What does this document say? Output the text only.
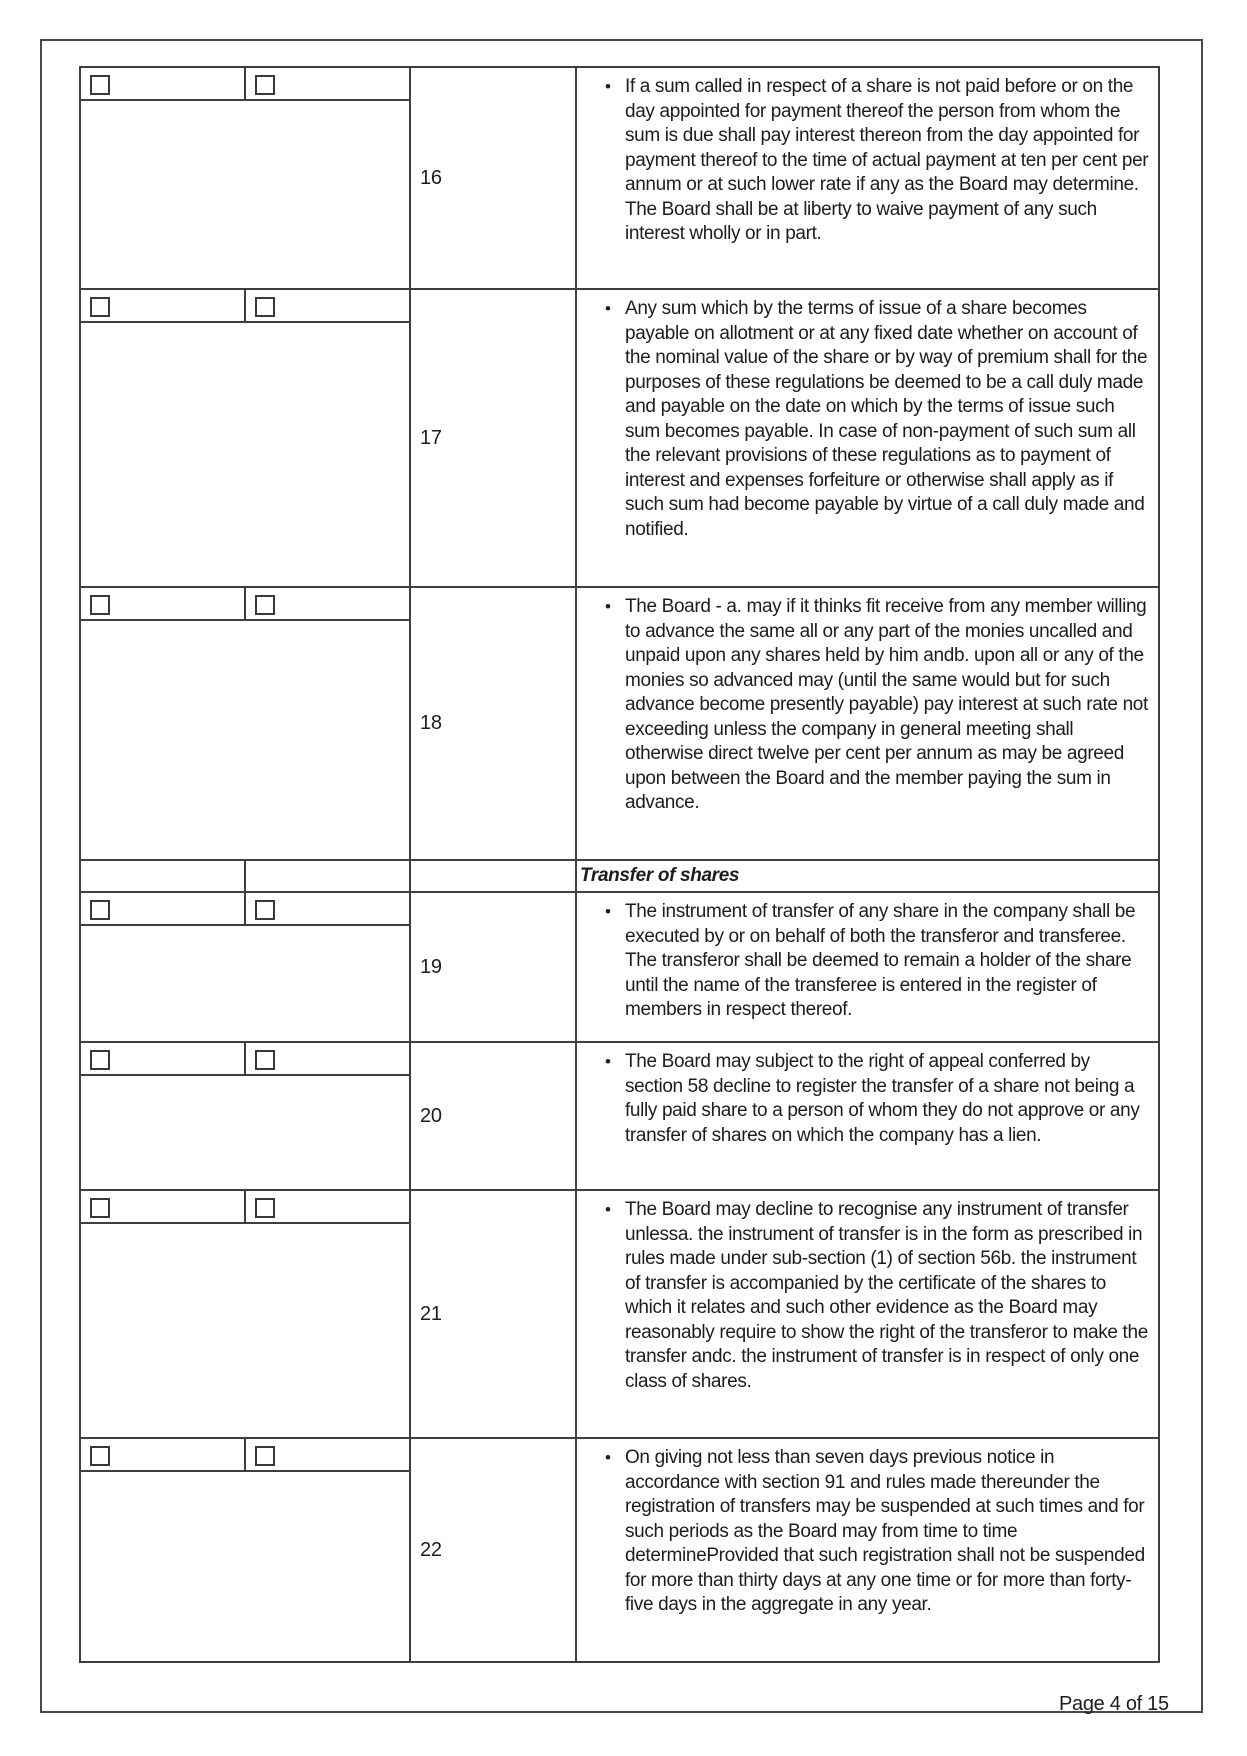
16
• If a sum called in respect of a share is not paid before or on the day appointed for payment thereof the person from whom the sum is due shall pay interest thereon from the day appointed for payment thereof to the time of actual payment at ten per cent per annum or at such lower rate if any as the Board may determine. The Board shall be at liberty to waive payment of any such interest wholly or in part.
17
• Any sum which by the terms of issue of a share becomes payable on allotment or at any fixed date whether on account of the nominal value of the share or by way of premium shall for the purposes of these regulations be deemed to be a call duly made and payable on the date on which by the terms of issue such sum becomes payable. In case of non-payment of such sum all the relevant provisions of these regulations as to payment of interest and expenses forfeiture or otherwise shall apply as if such sum had become payable by virtue of a call duly made and notified.
18
• The Board - a. may if it thinks fit receive from any member willing to advance the same all or any part of the monies uncalled and unpaid upon any shares held by him andb. upon all or any of the monies so advanced may (until the same would but for such advance become presently payable) pay interest at such rate not exceeding unless the company in general meeting shall otherwise direct twelve per cent per annum as may be agreed upon between the Board and the member paying the sum in advance.
Transfer of shares
19
• The instrument of transfer of any share in the company shall be executed by or on behalf of both the transferor and transferee. The transferor shall be deemed to remain a holder of the share until the name of the transferee is entered in the register of members in respect thereof.
20
• The Board may subject to the right of appeal conferred by section 58 decline to register the transfer of a share not being a fully paid share to a person of whom they do not approve or any transfer of shares on which the company has a lien.
21
• The Board may decline to recognise any instrument of transfer unlessa. the instrument of transfer is in the form as prescribed in rules made under sub-section (1) of section 56b. the instrument of transfer is accompanied by the certificate of the shares to which it relates and such other evidence as the Board may reasonably require to show the right of the transferor to make the transfer andc. the instrument of transfer is in respect of only one class of shares.
22
• On giving not less than seven days previous notice in accordance with section 91 and rules made thereunder the registration of transfers may be suspended at such times and for such periods as the Board may from time to time determineProvided that such registration shall not be suspended for more than thirty days at any one time or for more than forty-five days in the aggregate in any year.
Page 4 of 15
